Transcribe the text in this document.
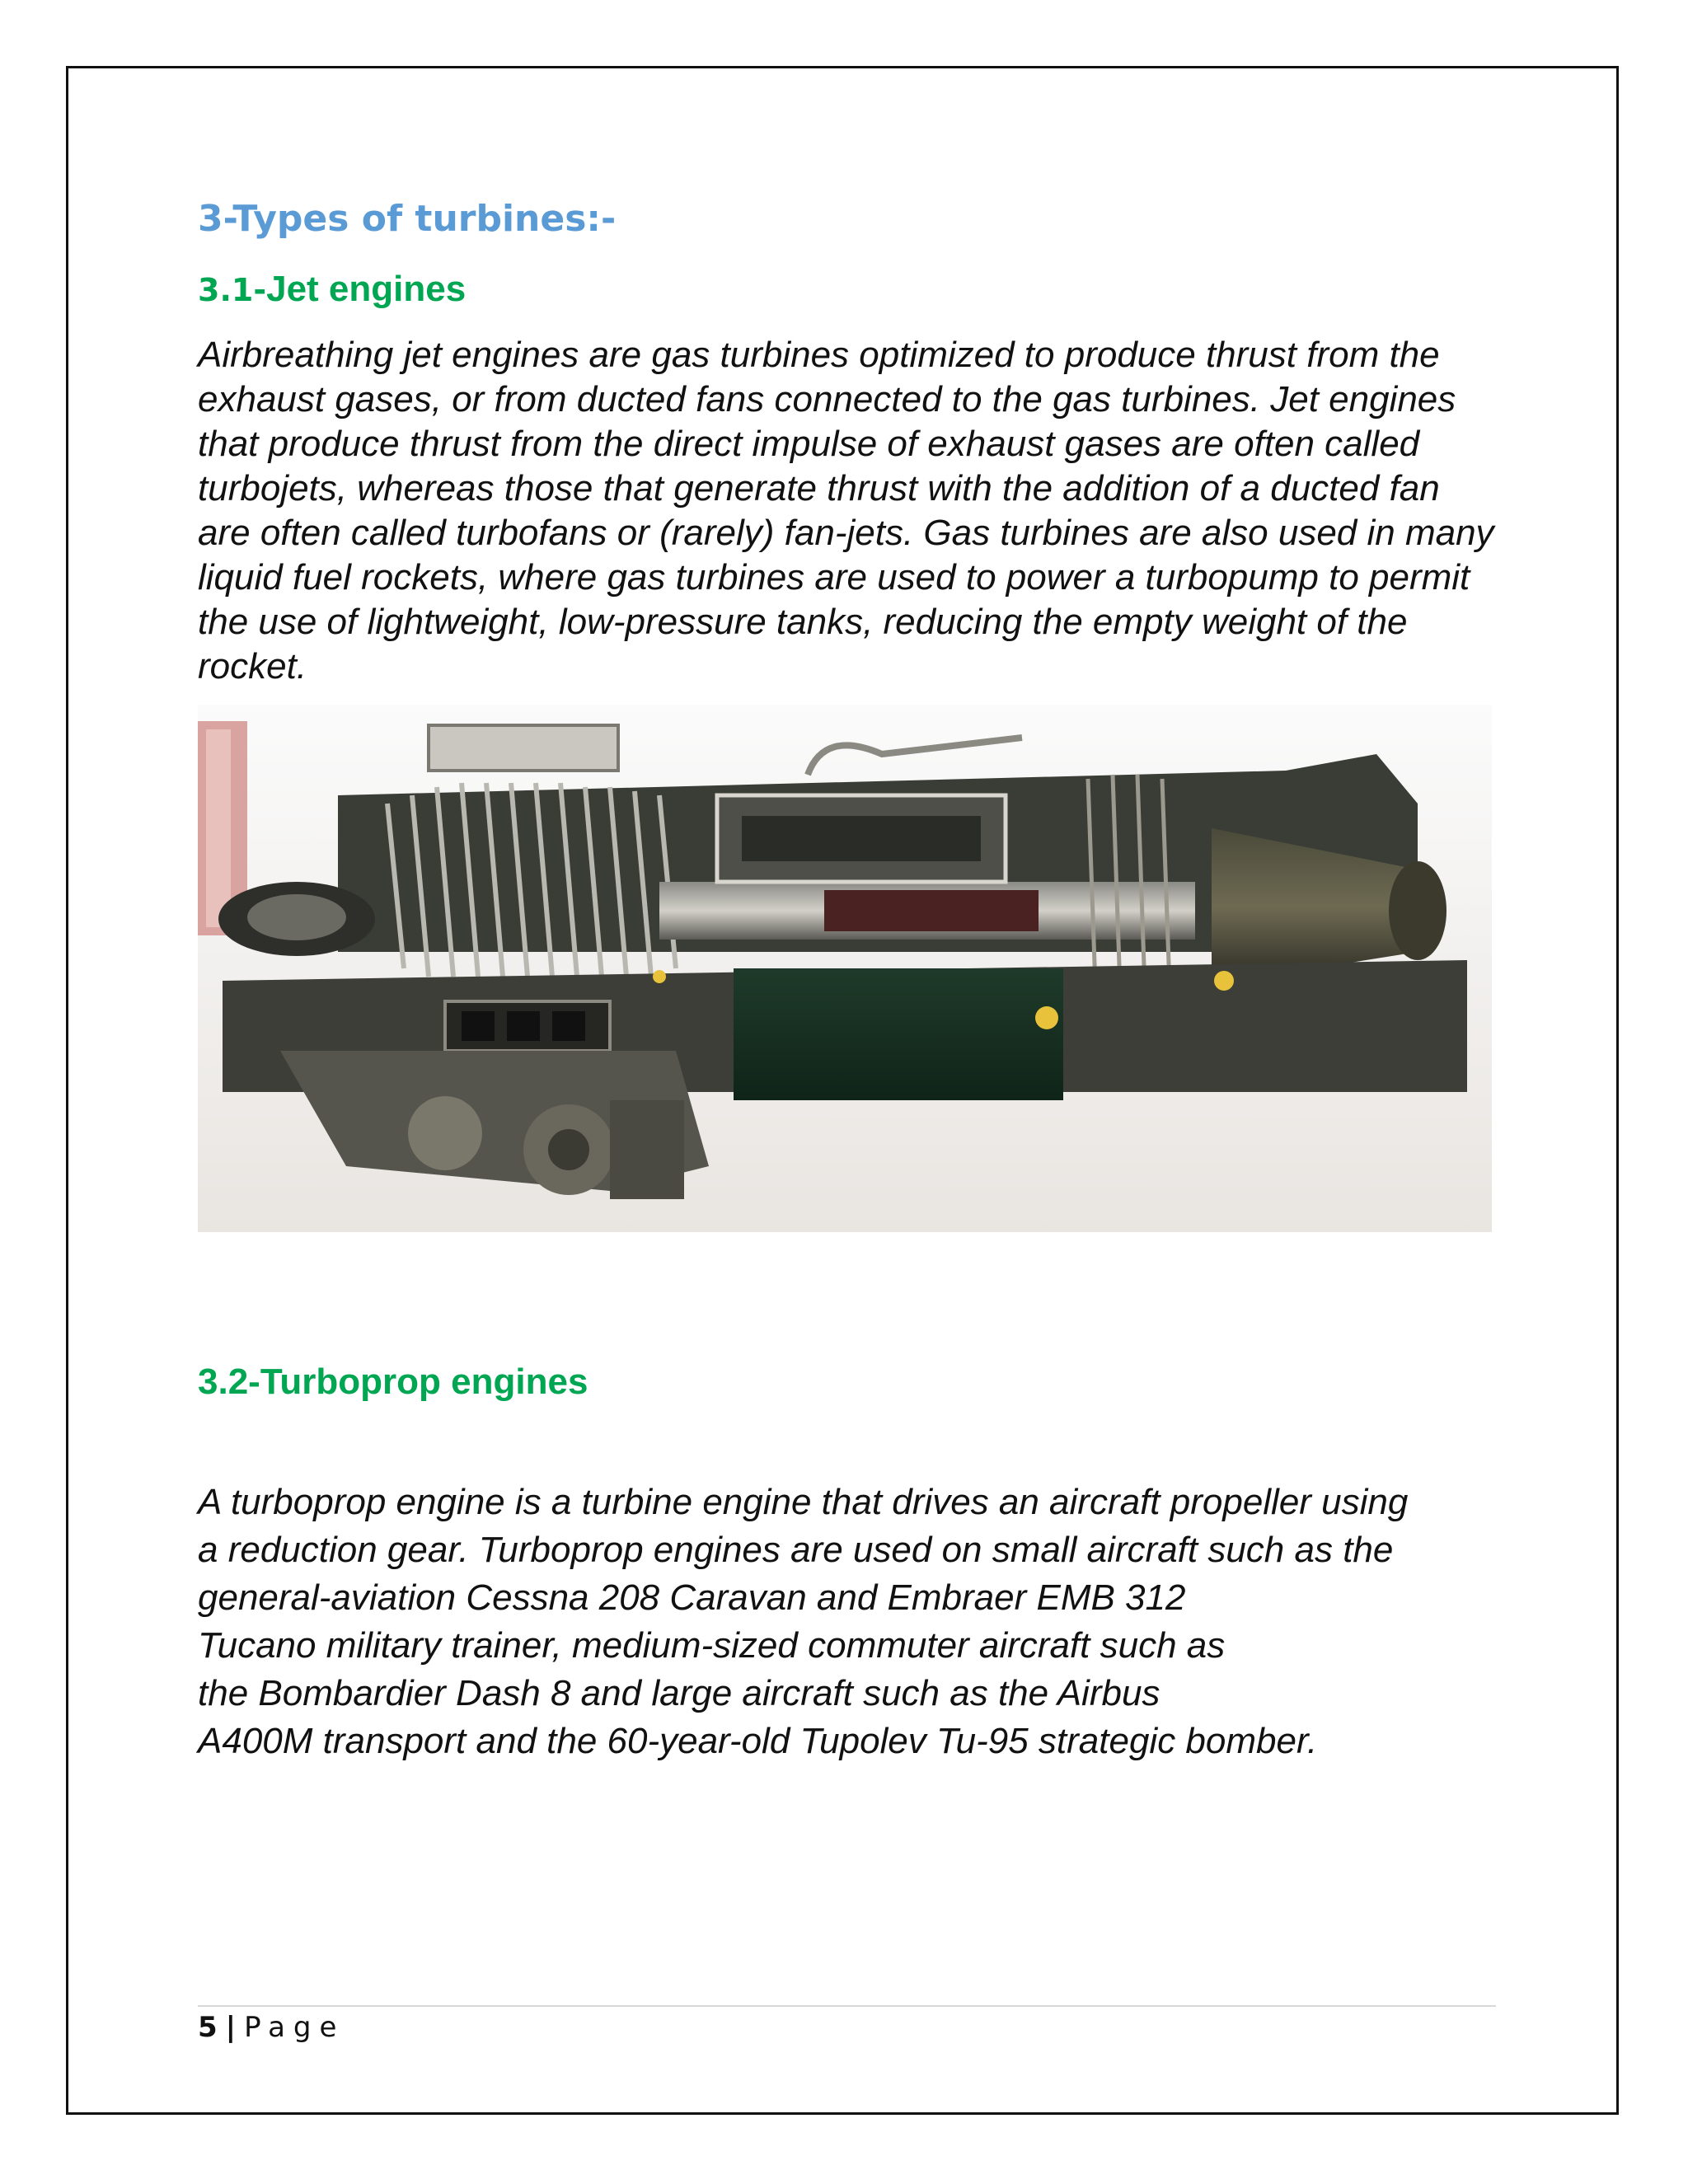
3-Types of turbines:-
3.1-Jet engines

Airbreathing jet engines are gas turbines optimized to produce thrust from the exhaust gases, or from ducted fans connected to the gas turbines. Jet engines that produce thrust from the direct impulse of exhaust gases are often called turbojets, whereas those that generate thrust with the addition of a ducted fan are often called turbofans or (rarely) fan-jets. Gas turbines are also used in many liquid fuel rockets, where gas turbines are used to power a turbopump to permit the use of lightweight, low-pressure tanks, reducing the empty weight of the rocket.

3.2-Turboprop engines

A turboprop engine is a turbine engine that drives an aircraft propeller using
a reduction gear. Turboprop engines are used on small aircraft such as the
general-aviation Cessna 208 Caravan and Embraer EMB 312
Tucano military trainer, medium-sized commuter aircraft such as
the Bombardier Dash 8 and large aircraft such as the Airbus
A400M transport and the 60-year-old Tupolev Tu-95 strategic bomber.

5 | Page
